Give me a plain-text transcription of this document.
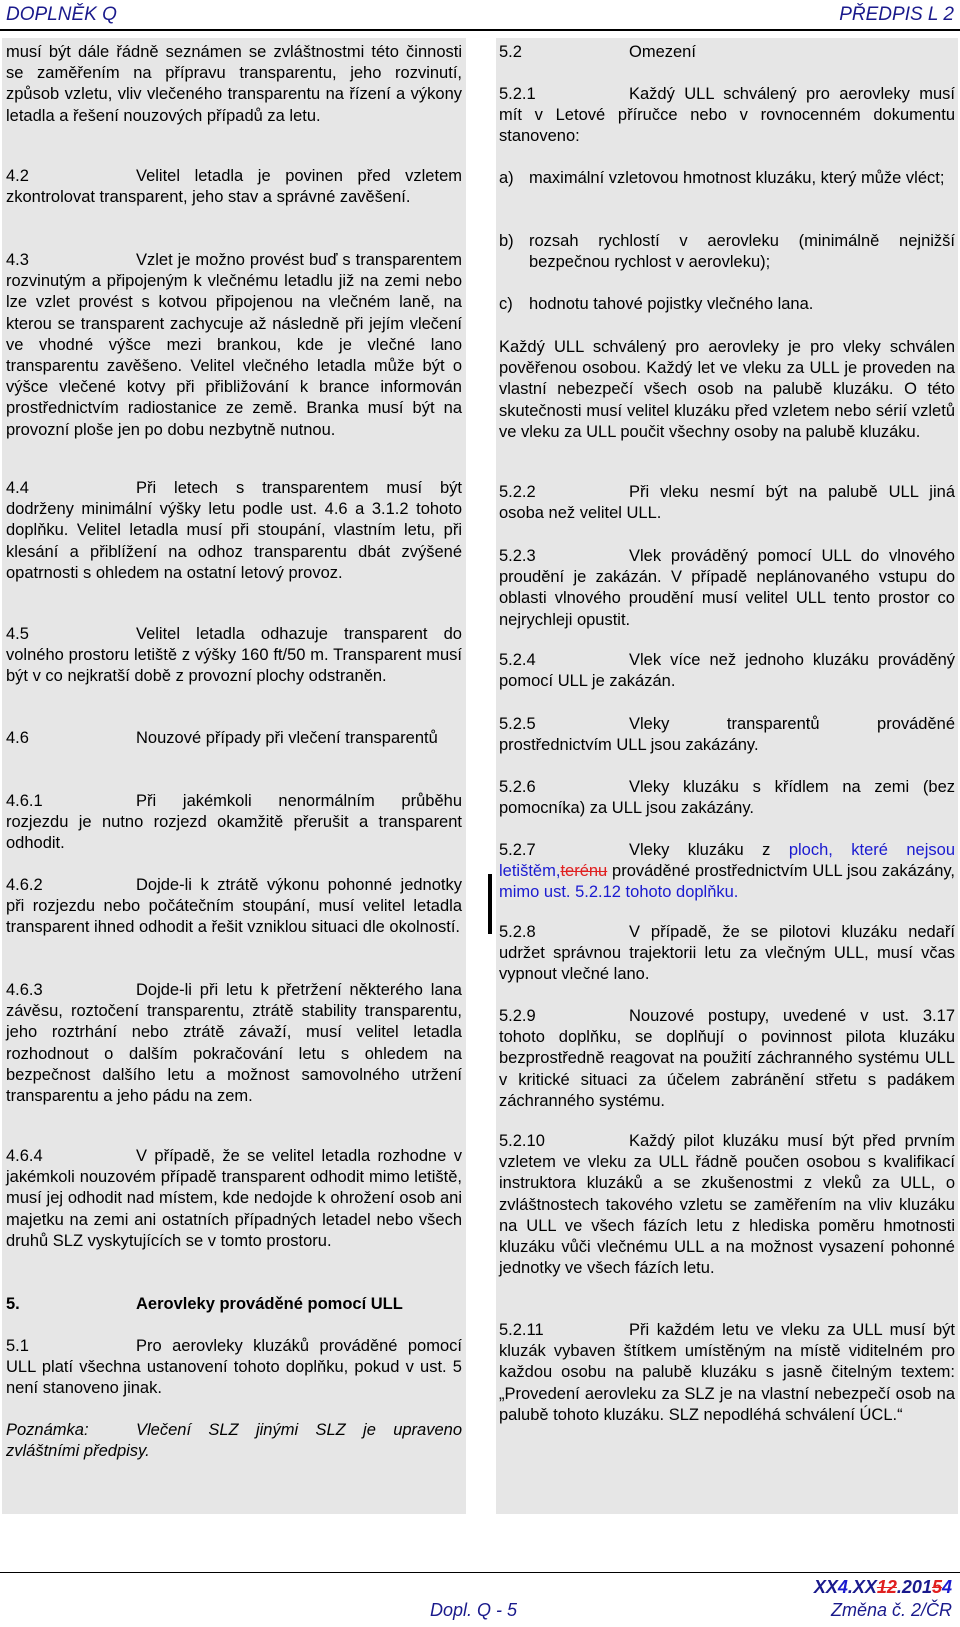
DOPLNĚK Q	PŘEDPIS L 2

musí být dále řádně seznámen se zvláštnostmi této činnosti se zaměřením na přípravu transparentu, jeho rozvinutí, způsob vzletu, vliv vlečeného transparentu na řízení a výkony letadla a řešení nouzových případů za letu.

4.2	Velitel letadla je povinen před vzletem zkontrolovat transparent, jeho stav a správné zavěšení.

4.3	Vzlet je možno provést buď s transparentem rozvinutým a připojeným k vlečnému letadlu již na zemi nebo lze vzlet provést s kotvou připojenou na vlečném laně, na kterou se transparent zachycuje až následně při jejím vlečení ve vhodné výšce mezi brankou, kde je vlečné lano transparentu zavěšeno. Velitel vlečného letadla může být o výšce vlečené kotvy při přibližování k brance informován prostřednictvím radiostanice ze země. Branka musí být na provozní ploše jen po dobu nezbytně nutnou.

4.4	Při letech s transparentem musí být dodrženy minimální výšky letu podle ust. 4.6 a 3.1.2 tohoto doplňku. Velitel letadla musí při stoupání, vlastním letu, při klesání a přiblížení na odhoz transparentu dbát zvýšené opatrnosti s ohledem na ostatní letový provoz.

4.5	Velitel letadla odhazuje transparent do volného prostoru letiště z výšky 160 ft/50 m. Transparent musí být v co nejkratší době z provozní plochy odstraněn.

4.6	Nouzové případy při vlečení transparentů

4.6.1	Při jakémkoli nenormálním průběhu rozjezdu je nutno rozjezd okamžitě přerušit a transparent odhodit.

4.6.2	Dojde-li k ztrátě výkonu pohonné jednotky při rozjezdu nebo počátečním stoupání, musí velitel letadla transparent ihned odhodit a řešit vzniklou situaci dle okolností.

4.6.3	Dojde-li při letu k přetržení některého lana závěsu, roztočení transparentu, ztrátě stability transparentu, jeho roztrhání nebo ztrátě závaží, musí velitel letadla rozhodnout o dalším pokračování letu s ohledem na bezpečnost dalšího letu a možnost samovolného utržení transparentu a jeho pádu na zem.

4.6.4	V případě, že se velitel letadla rozhodne v jakémkoli nouzovém případě transparent odhodit mimo letiště, musí jej odhodit nad místem, kde nedojde k ohrožení osob ani majetku na zemi ani ostatních případných letadel nebo všech druhů SLZ vyskytujících se v tomto prostoru.

5.	Aerovleky prováděné pomocí ULL

5.1	Pro aerovleky kluzáků prováděné pomocí ULL platí všechna ustanovení tohoto doplňku, pokud v ust. 5 není stanoveno jinak.

Poznámka:	Vlečení SLZ jinými SLZ je upraveno zvláštními předpisy.

5.2	Omezení

5.2.1	Každý ULL schválený pro aerovleky musí mít v Letové příručce nebo v rovnocenném dokumentu stanoveno:

a) maximální vzletovou hmotnost kluzáku, který může vléct;
b) rozsah rychlostí v aerovleku (minimálně nejnižší bezpečnou rychlost v aerovleku);
c) hodnotu tahové pojistky vlečného lana.

Každý ULL schválený pro aerovleky je pro vleky schválen pověřenou osobou. Každý let ve vleku za ULL je proveden na vlastní nebezpečí všech osob na palubě kluzáku. O této skutečnosti musí velitel kluzáku před vzletem nebo sérií vzletů ve vleku za ULL poučit všechny osoby na palubě kluzáku.

5.2.2	Při vleku nesmí být na palubě ULL jiná osoba než velitel ULL.

5.2.3	Vlek prováděný pomocí ULL do vlnového proudění je zakázán. V případě neplánovaného vstupu do oblasti vlnového proudění musí velitel ULL tento prostor co nejrychleji opustit.

5.2.4	Vlek více než jednoho kluzáku prováděný pomocí ULL je zakázán.

5.2.5	Vleky transparentů prováděné prostřednictvím ULL jsou zakázány.

5.2.6	Vleky kluzáku s křídlem na zemi (bez pomocníka) za ULL jsou zakázány.

5.2.7	Vleky kluzáku z ploch, které nejsou letištěm,terénu prováděné prostřednictvím ULL jsou zakázány, mimo ust. 5.2.12 tohoto doplňku.

5.2.8	V případě, že se pilotovi kluzáku nedaří udržet správnou trajektorii letu za vlečným ULL, musí včas vypnout vlečné lano.

5.2.9	Nouzové postupy, uvedené v ust. 3.17 tohoto doplňku, se doplňují o povinnost pilota kluzáku bezprostředně reagovat na použití záchranného systému ULL v kritické situaci za účelem zabránění střetu s padákem záchranného systému.

5.2.10	Každý pilot kluzáku musí být před prvním vzletem ve vleku za ULL řádně poučen osobou s kvalifikací instruktora kluzáků a se zkušenostmi z vleků za ULL, o zvláštnostech takového vzletu se zaměřením na vliv kluzáku na ULL ve všech fázích letu z hlediska poměru hmotnosti kluzáku vůči vlečnému ULL a na možnost vysazení pohonné jednotky ve všech fázích letu.

5.2.11	Při každém letu ve vleku za ULL musí být kluzák vybaven štítkem umístěným na místě viditelném pro každou osobu na palubě kluzáku s jasně čitelným textem: „Provedení aerovleku za SLZ je na vlastní nebezpečí osob na palubě tohoto kluzáku. SLZ nepodléhá schválení ÚCL.“

Dopl. Q - 5
XX4.XX12.20154
Změna č. 2/ČR
